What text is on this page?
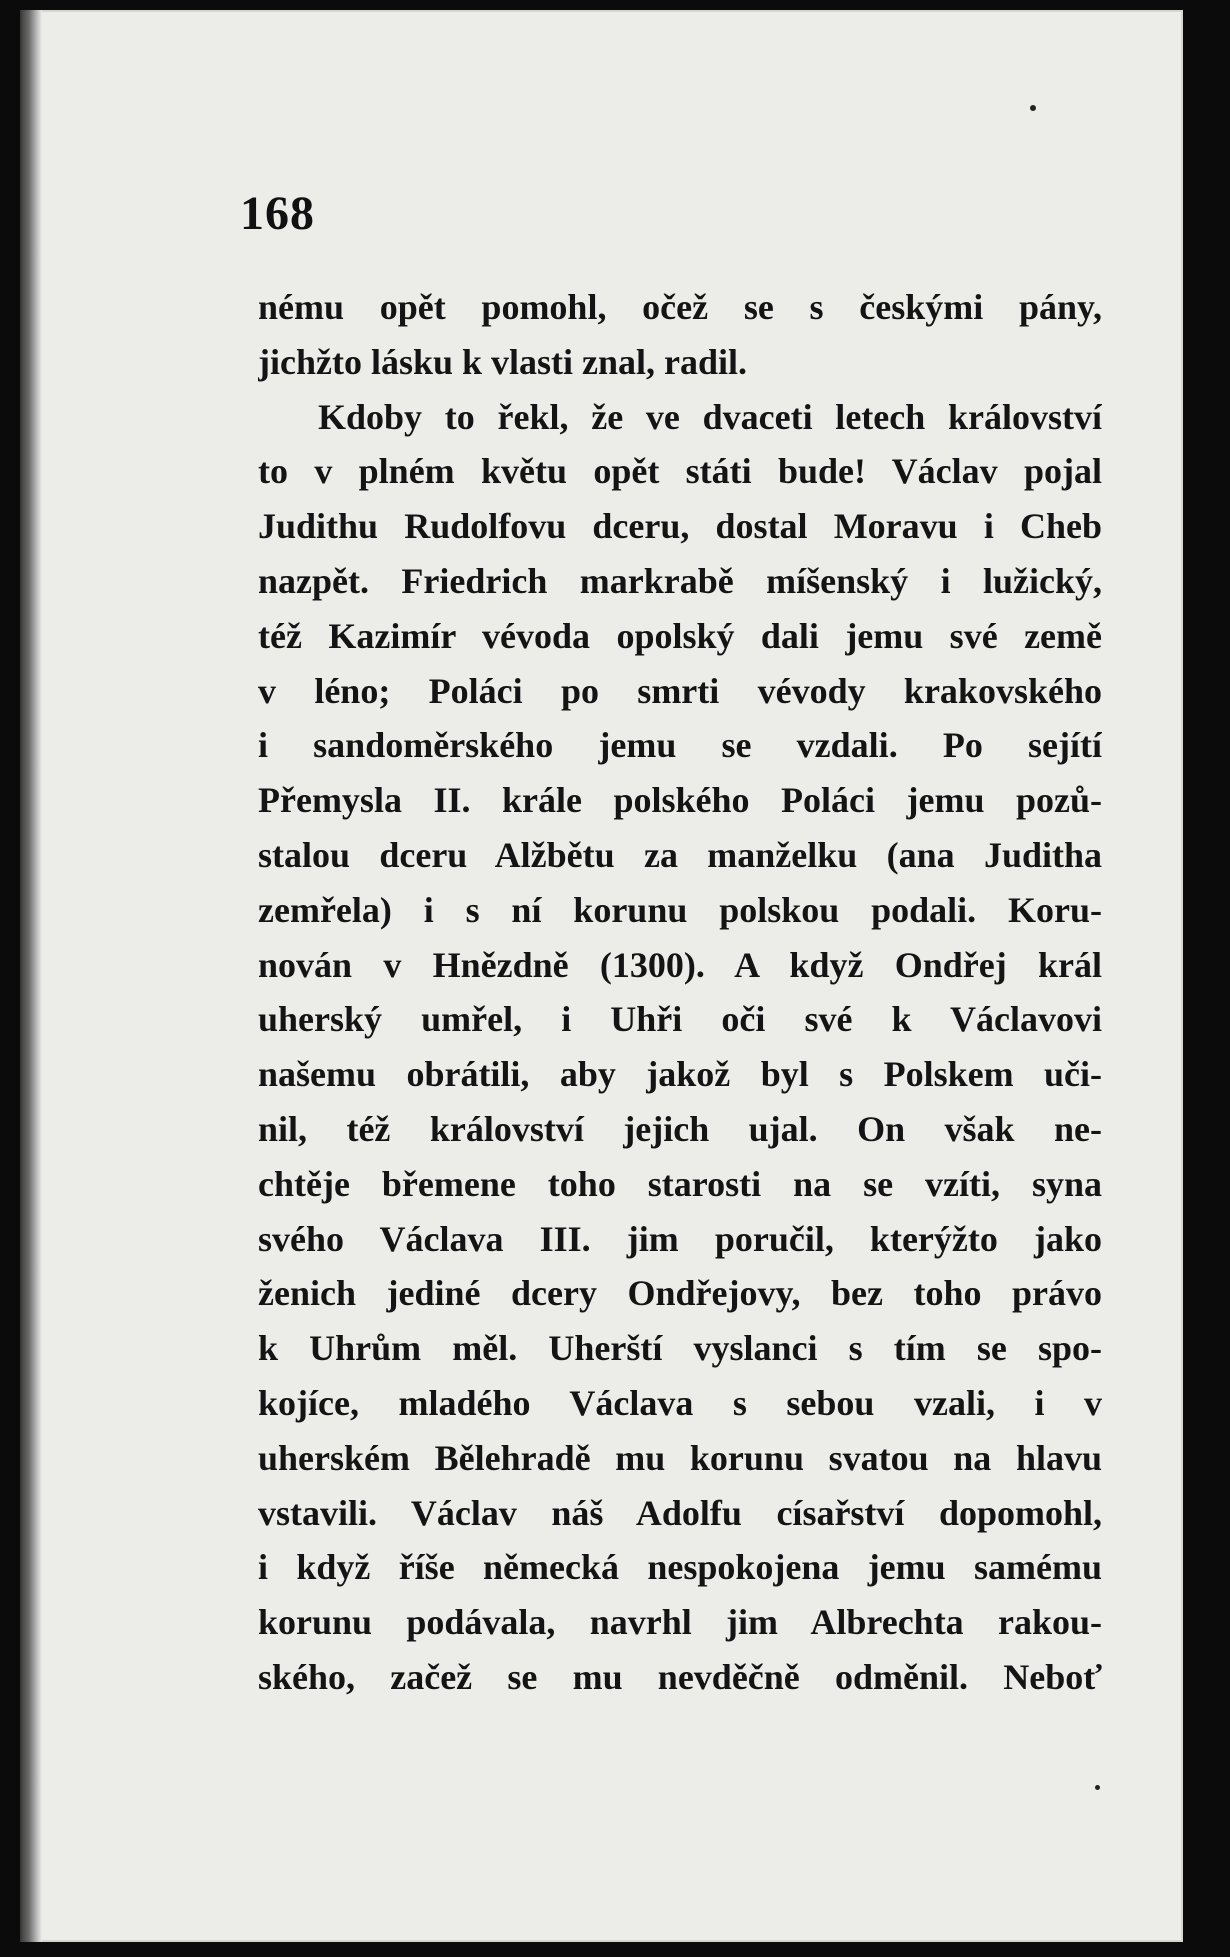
168
nému opět pomohl, očež se s českými pány,
jichžto lásku k vlasti znal, radil.
Kdoby to řekl, že ve dvaceti letech království
to v plném květu opět státi bude! Václav pojal
Judithu Rudolfovu dceru, dostal Moravu i Cheb
nazpět. Friedrich markrabě míšenský i lužický,
též Kazimír vévoda opolský dali jemu své země
v léno; Poláci po smrti vévody krakovského
i sandoměrského jemu se vzdali. Po sejítí
Přemysla II. krále polského Poláci jemu pozů-
stalou dceru Alžbětu za manželku (ana Juditha
zemřela) i s ní korunu polskou podali. Koru-
nován v Hnězdně (1300). A když Ondřej král
uherský umřel, i Uhři oči své k Václavovi
našemu obrátili, aby jakož byl s Polskem uči-
nil, též království jejich ujal. On však ne-
chtěje břemene toho starosti na se vzíti, syna
svého Václava III. jim poručil, kterýžto jako
ženich jediné dcery Ondřejovy, bez toho právo
k Uhrům měl. Uherští vyslanci s tím se spo-
kojíce, mladého Václava s sebou vzali, i v
uherském Bělehradě mu korunu svatou na hlavu
vstavili. Václav náš Adolfu císařství dopomohl,
i když říše německá nespokojena jemu samému
korunu podávala, navrhl jim Albrechta rakou-
ského, začež se mu nevděčně odměnil. Neboť
